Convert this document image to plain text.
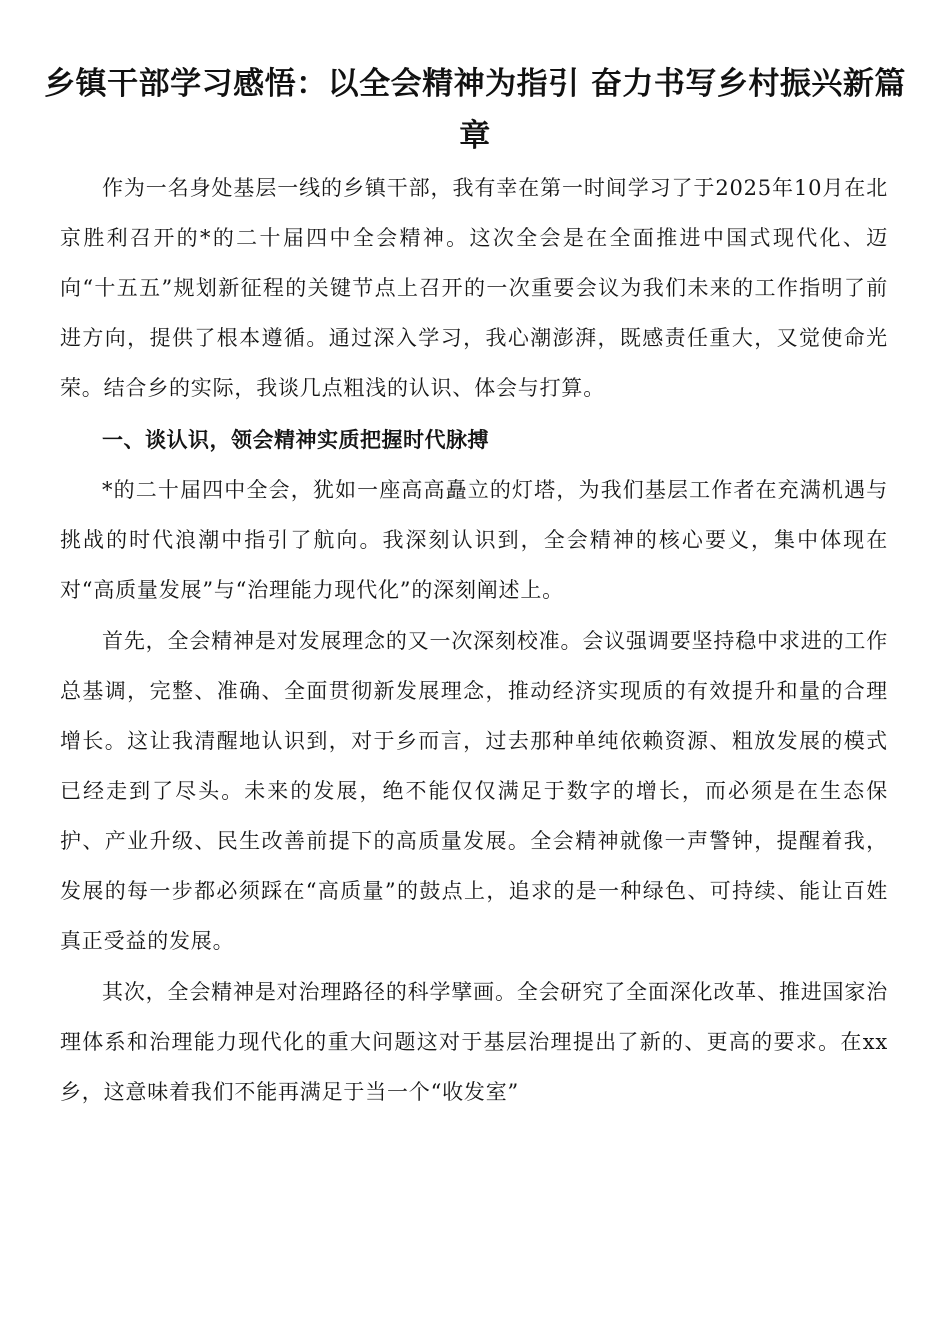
乡镇干部学习感悟：以全会精神为指引 奋力书写乡村振兴新篇章

作为一名身处基层一线的乡镇干部，我有幸在第一时间学习了于2025年10月在北京胜利召开的*的二十届四中全会精神。这次全会是在全面推进中国式现代化、迈向“十五五”规划新征程的关键节点上召开的一次重要会议为我们未来的工作指明了前进方向，提供了根本遵循。通过深入学习，我心潮澎湃，既感责任重大，又觉使命光荣。结合乡的实际，我谈几点粗浅的认识、体会与打算。

一、谈认识，领会精神实质把握时代脉搏

*的二十届四中全会，犹如一座高高矗立的灯塔，为我们基层工作者在充满机遇与挑战的时代浪潮中指引了航向。我深刻认识到，全会精神的核心要义，集中体现在对“高质量发展”与“治理能力现代化”的深刻阐述上。

首先，全会精神是对发展理念的又一次深刻校准。会议强调要坚持稳中求进的工作总基调，完整、准确、全面贯彻新发展理念，推动经济实现质的有效提升和量的合理增长。这让我清醒地认识到，对于乡而言，过去那种单纯依赖资源、粗放发展的模式已经走到了尽头。未来的发展，绝不能仅仅满足于数字的增长，而必须是在生态保护、产业升级、民生改善前提下的高质量发展。全会精神就像一声警钟，提醒着我，发展的每一步都必须踩在“高质量”的鼓点上，追求的是一种绿色、可持续、能让百姓真正受益的发展。

其次，全会精神是对治理路径的科学擘画。全会研究了全面深化改革、推进国家治理体系和治理能力现代化的重大问题这对于基层治理提出了新的、更高的要求。在xx乡，这意味着我们不能再满足于当一个“收发室”
